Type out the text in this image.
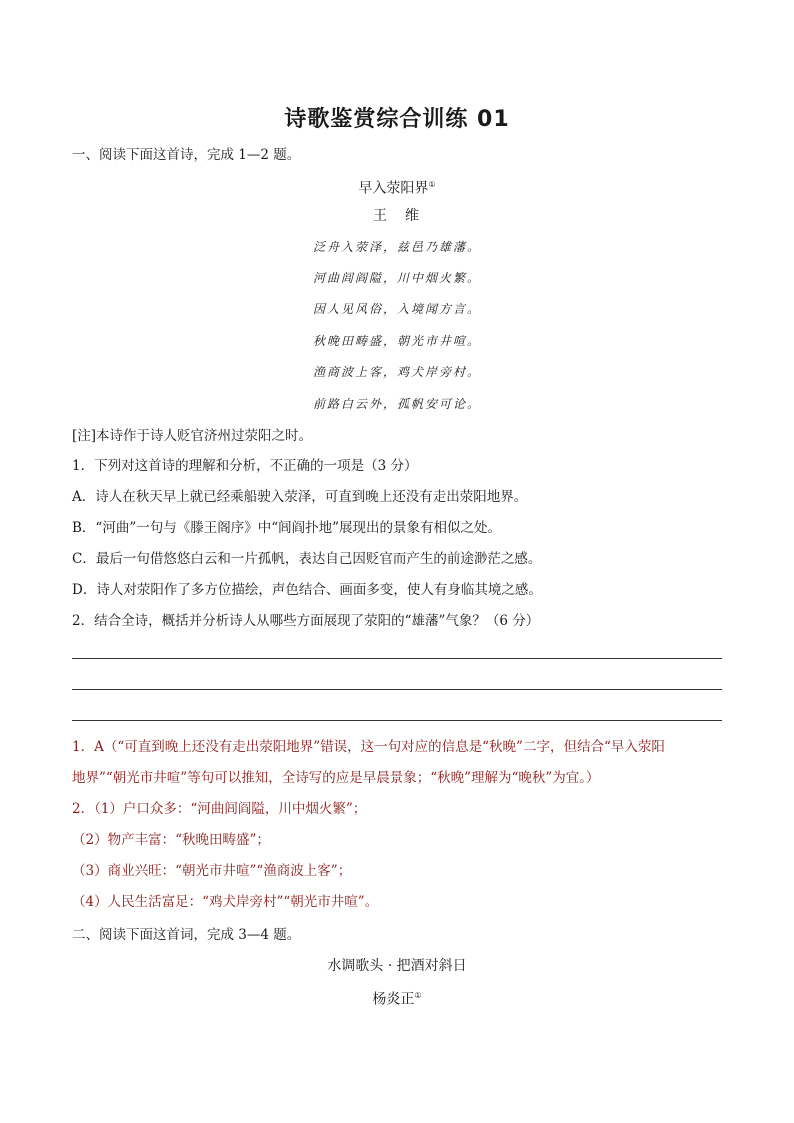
诗歌鉴赏综合训练 01
一、阅读下面这首诗，完成 1—2 题。
早入荥阳界①
王　维
泛舟入荥泽，兹邑乃雄藩。
河曲闾阎隘，川中烟火繁。
因人见风俗，入境闻方言。
秋晚田畴盛，朝光市井喧。
渔商波上客，鸡犬岸旁村。
前路白云外，孤帆安可论。
[注]本诗作于诗人贬官济州过荥阳之时。
1．下列对这首诗的理解和分析，不正确的一项是（3 分）
A．诗人在秋天早上就已经乘船驶入荥泽，可直到晚上还没有走出荥阳地界。
B．“河曲”一句与《滕王阁序》中“闾阎扑地”展现出的景象有相似之处。
C．最后一句借悠悠白云和一片孤帆，表达自己因贬官而产生的前途渺茫之感。
D．诗人对荥阳作了多方位描绘，声色结合、画面多变，使人有身临其境之感。
2．结合全诗，概括并分析诗人从哪些方面展现了荥阳的“雄藩”气象？（6 分）
1．A（“可直到晚上还没有走出荥阳地界”错误，这一句对应的信息是“秋晚”二字，但结合“早入荥阳
地界”“朝光市井喧”等句可以推知，全诗写的应是早晨景象；“秋晚”理解为“晚秋”为宜。）
2．（1）户口众多：“河曲闾阎隘，川中烟火繁”；
（2）物产丰富：“秋晚田畴盛”；
（3）商业兴旺：“朝光市井喧”“渔商波上客”；
（4）人民生活富足：“鸡犬岸旁村”“朝光市井喧”。
二、阅读下面这首词，完成 3—4 题。
水调歌头 · 把酒对斜日
杨炎正①
